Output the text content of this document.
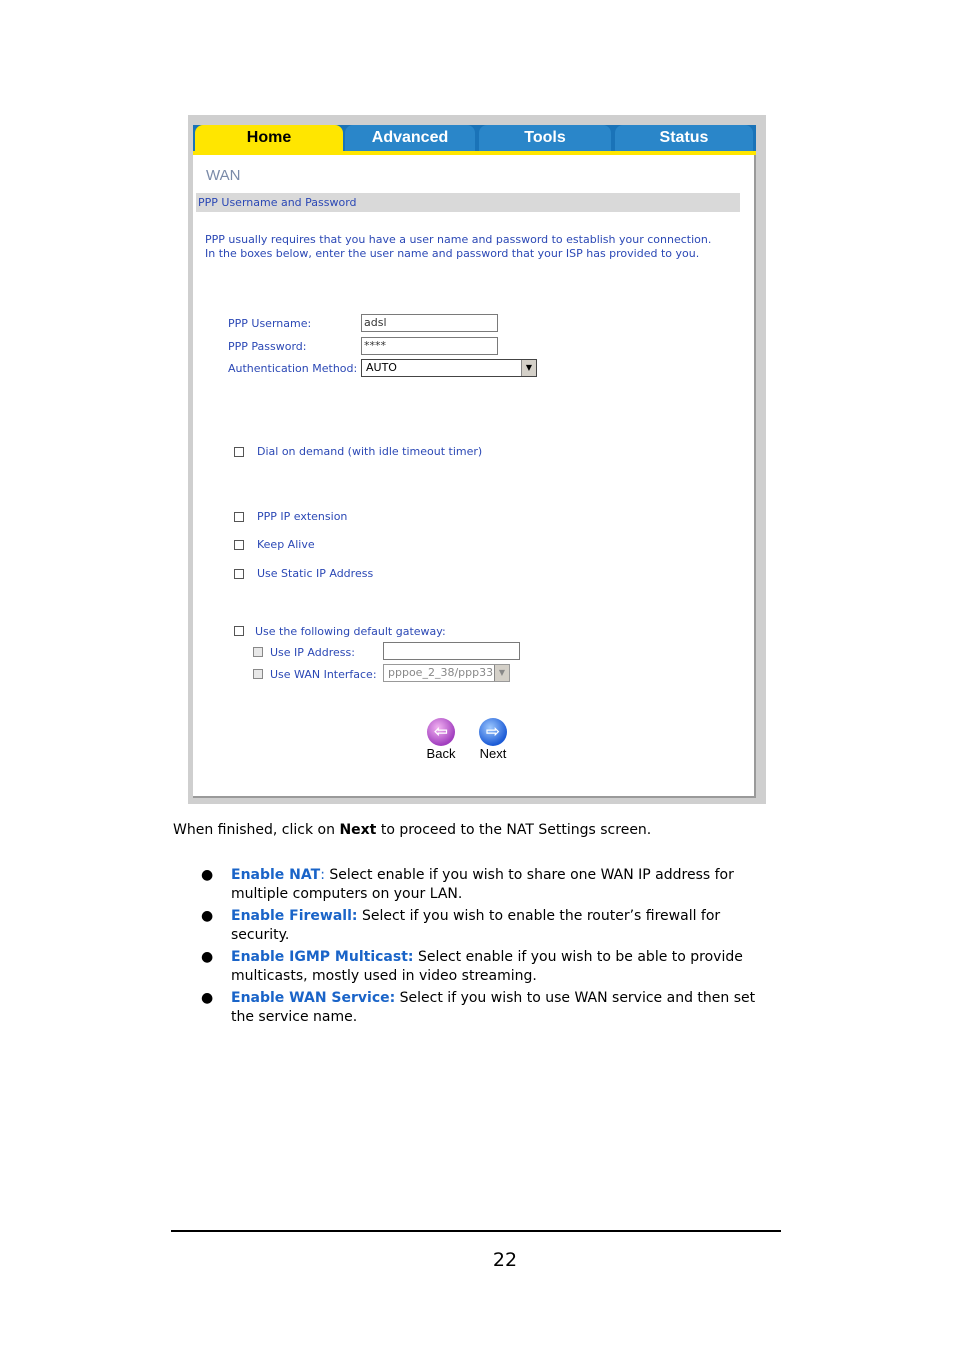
Home	Advanced	Tools	Status
WAN
PPP Username and Password
PPP usually requires that you have a user name and password to establish your connection.
In the boxes below, enter the user name and password that your ISP has provided to you.
PPP Username:	adsl
PPP Password:	****
Authentication Method: AUTO	▼
Dial on demand (with idle timeout timer)
PPP IP extension
Keep Alive
Use Static IP Address
Use the following default gateway:
Use IP Address:
Use WAN Interface:	pppoe_2_38/ppp33 ▼
⇦
Back
⇨
Next
When finished, click on Next to proceed to the NAT Settings screen.
● Enable NAT: Select enable if you wish to share one WAN IP address for
multiple computers on your LAN.
● Enable Firewall: Select if you wish to enable the router’s firewall for
security.
● Enable IGMP Multicast: Select enable if you wish to be able to provide
multicasts, mostly used in video streaming.
● Enable WAN Service: Select if you wish to use WAN service and then set
the service name.
22
